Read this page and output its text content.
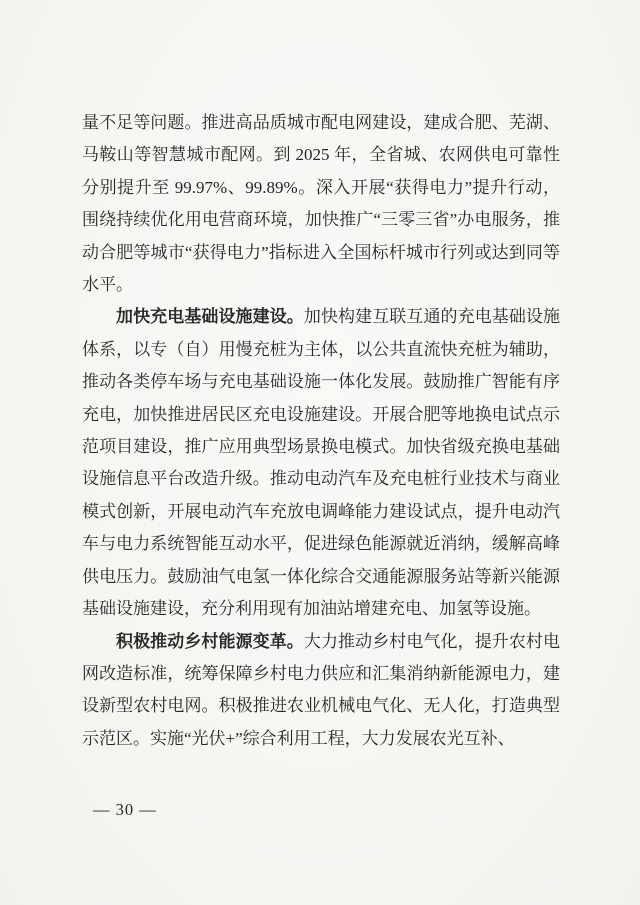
量不足等问题。推进高品质城市配电网建设，建成合肥、芜湖、马鞍山等智慧城市配网。到 2025 年，全省城、农网供电可靠性分别提升至 99.97%、99.89%。深入开展“获得电力”提升行动，围绕持续优化用电营商环境，加快推广“三零三省”办电服务，推动合肥等城市“获得电力”指标进入全国标杆城市行列或达到同等水平。

加快充电基础设施建设。加快构建互联互通的充电基础设施体系，以专（自）用慢充桩为主体，以公共直流快充桩为辅助，推动各类停车场与充电基础设施一体化发展。鼓励推广智能有序充电，加快推进居民区充电设施建设。开展合肥等地换电试点示范项目建设，推广应用典型场景换电模式。加快省级充换电基础设施信息平台改造升级。推动电动汽车及充电桩行业技术与商业模式创新，开展电动汽车充放电调峰能力建设试点，提升电动汽车与电力系统智能互动水平，促进绿色能源就近消纳，缓解高峰供电压力。鼓励油气电氢一体化综合交通能源服务站等新兴能源基础设施建设，充分利用现有加油站增建充电、加氢等设施。

积极推动乡村能源变革。大力推动乡村电气化，提升农村电网改造标准，统筹保障乡村电力供应和汇集消纳新能源电力，建设新型农村电网。积极推进农业机械电气化、无人化，打造典型示范区。实施“光伏+”综合利用工程，大力发展农光互补、

— 30 —
